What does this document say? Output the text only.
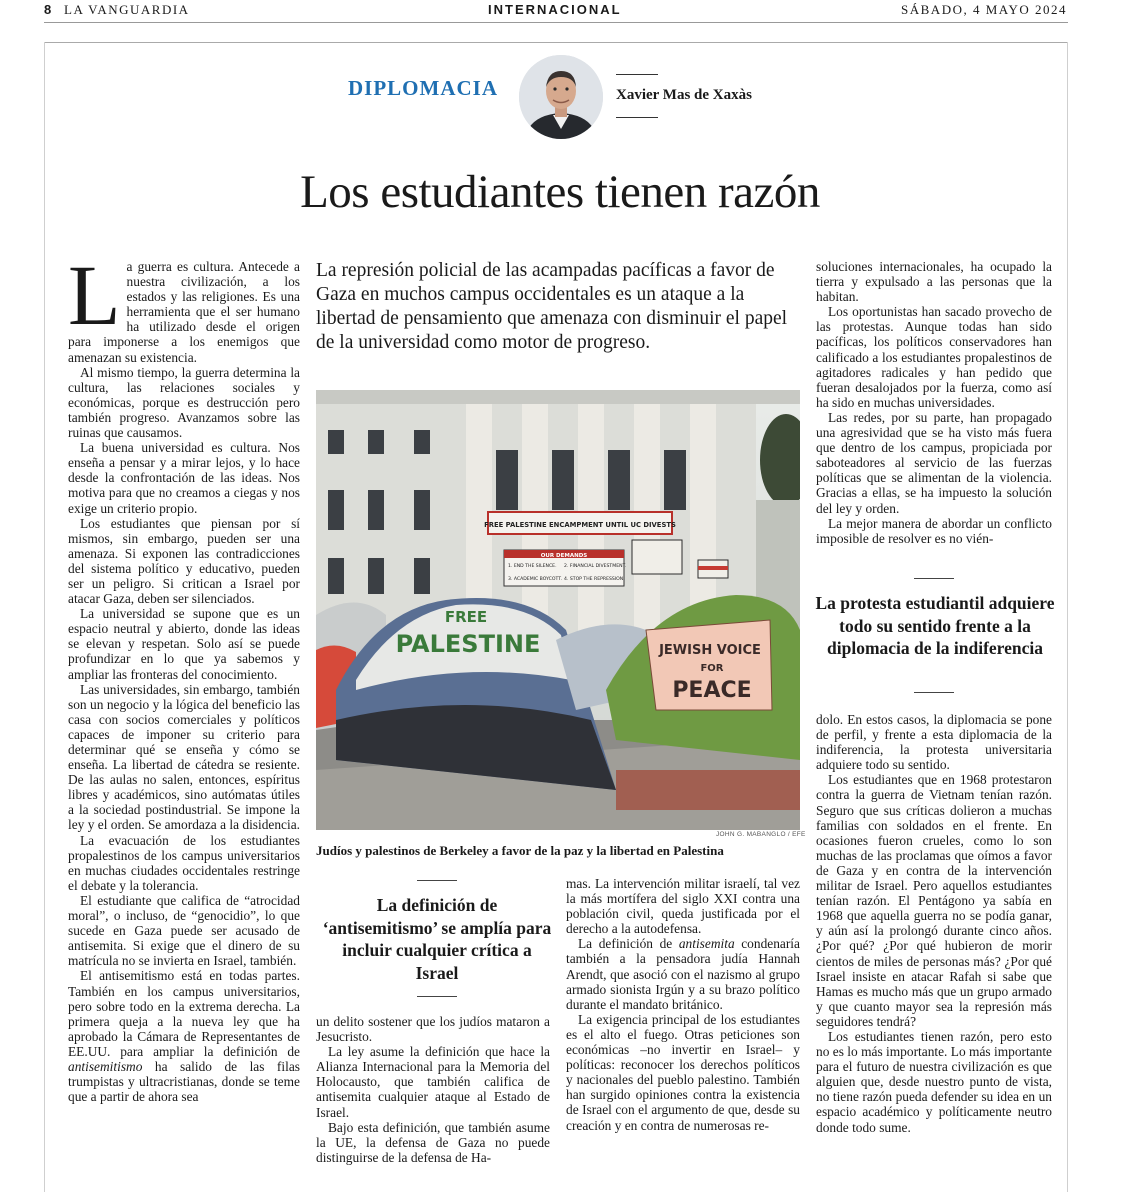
8 LA VANGUARDIA	INTERNACIONAL	SÁBADO, 4 MAYO 2024
DIPLOMACIA	Xavier Mas de Xaxàs
Los estudiantes tienen razón

La guerra es cultura. Antecede a nuestra civilización, a los estados y las religiones. Es una herramienta que el ser humano ha utilizado desde el origen para imponerse a los enemigos que amenazan su existencia.

Al mismo tiempo, la guerra determina la cultura, las relaciones sociales y económicas, porque es destrucción pero también progreso. Avanzamos sobre las ruinas que causamos.

La buena universidad es cultura. Nos enseña a pensar y a mirar lejos, y lo hace desde la confrontación de las ideas. Nos motiva para que no creamos a ciegas y nos exige un criterio propio.

Los estudiantes que piensan por sí mismos, sin embargo, pueden ser una amenaza. Si exponen las contradicciones del sistema político y educativo, pueden ser un peligro. Si critican a Israel por atacar Gaza, deben ser silenciados.

La universidad se supone que es un espacio neutral y abierto, donde las ideas se elevan y respetan. Solo así se puede profundizar en lo que ya sabemos y ampliar las fronteras del conocimiento.

Las universidades, sin embargo, también son un negocio y la lógica del beneficio las casa con socios comerciales y políticos capaces de imponer su criterio para determinar qué se enseña y cómo se enseña. La libertad de cátedra se resiente. De las aulas no salen, entonces, espíritus libres y académicos, sino autómatas útiles a la sociedad postindustrial. Se impone la ley y el orden. Se amordaza a la disidencia.

La evacuación de los estudiantes propalestinos de los campus universitarios en muchas ciudades occidentales restringe el debate y la tolerancia.

El estudiante que califica de “atrocidad moral”, o incluso, de “genocidio”, lo que sucede en Gaza puede ser acusado de antisemita. Si exige que el dinero de su matrícula no se invierta en Israel, también.

El antisemitismo está en todas partes. También en los campus universitarios, pero sobre todo en la extrema derecha. La primera queja a la nueva ley que ha aprobado la Cámara de Representantes de EE.UU. para ampliar la definición de antisemitismo ha salido de las filas trumpistas y ultracristianas, donde se teme que a partir de ahora sea

La represión policial de las acampadas pacíficas a favor de Gaza en muchos campus occidentales es un ataque a la libertad de pensamiento que amenaza con disminuir el papel de la universidad como motor de progreso.
FREE PALESTINE ENCAMPMENT UNTIL UC DIVESTS
OUR DEMANDS
1. END THE SILENCE. 2. FINANCIAL DIVESTMENT.
3. ACADEMIC BOYCOTT. 4. STOP THE REPRESSION.
FREE
PALESTINE	JEWISH VOICE
FOR
PEACE
JOHN G. MABANGLO / EFE
Judíos y palestinos de Berkeley a favor de la paz y la libertad en Palestina
La definición de ‘antisemitismo’ se amplía para incluir cualquier crítica a Israel

un delito sostener que los judíos mataron a Jesucristo.

La ley asume la definición que hace la Alianza Internacional para la Memoria del Holocausto, que también califica de antisemita cualquier ataque al Estado de Israel.

Bajo esta definición, que también asume la UE, la defensa de Gaza no puede distinguirse de la defensa de Ha-

mas. La intervención militar israelí, tal vez la más mortífera del siglo XXI contra una población civil, queda justificada por el derecho a la autodefensa.

La definición de antisemita condenaría también a la pensadora judía Hannah Arendt, que asoció con el nazismo al grupo armado sionista Irgún y a su brazo político durante el mandato británico.

La exigencia principal de los estudiantes es el alto el fuego. Otras peticiones son económicas –no invertir en Israel– y políticas: reconocer los derechos políticos y nacionales del pueblo palestino. También han surgido opiniones contra la existencia de Israel con el argumento de que, desde su creación y en contra de numerosas re-

soluciones internacionales, ha ocupado la tierra y expulsado a las personas que la habitan.

Los oportunistas han sacado provecho de las protestas. Aunque todas han sido pacíficas, los políticos conservadores han calificado a los estudiantes propalestinos de agitadores radicales y han pedido que fueran desalojados por la fuerza, como así ha sido en muchas universidades.

Las redes, por su parte, han propagado una agresividad que se ha visto más fuera que dentro de los campus, propiciada por saboteadores al servicio de las fuerzas políticas que se alimentan de la violencia. Gracias a ellas, se ha impuesto la solución del ley y orden.

La mejor manera de abordar un conflicto imposible de resolver es no vién-

La protesta estudiantil adquiere todo su sentido frente a la diplomacia de la indiferencia

dolo. En estos casos, la diplomacia se pone de perfil, y frente a esta diplomacia de la indiferencia, la protesta universitaria adquiere todo su sentido.

Los estudiantes que en 1968 protestaron contra la guerra de Vietnam tenían razón. Seguro que sus críticas dolieron a muchas familias con soldados en el frente. En ocasiones fueron crueles, como lo son muchas de las proclamas que oímos a favor de Gaza y en contra de la intervención militar de Israel. Pero aquellos estudiantes tenían razón. El Pentágono ya sabía en 1968 que aquella guerra no se podía ganar, y aún así la prolongó durante cinco años. ¿Por qué? ¿Por qué hubieron de morir cientos de miles de personas más? ¿Por qué Israel insiste en atacar Rafah si sabe que Hamas es mucho más que un grupo armado y que cuanto mayor sea la represión más seguidores tendrá?

Los estudiantes tienen razón, pero esto no es lo más importante. Lo más importante para el futuro de nuestra civilización es que alguien que, desde nuestro punto de vista, no tiene razón pueda defender su idea en un espacio académico y políticamente neutro donde todo sume.
